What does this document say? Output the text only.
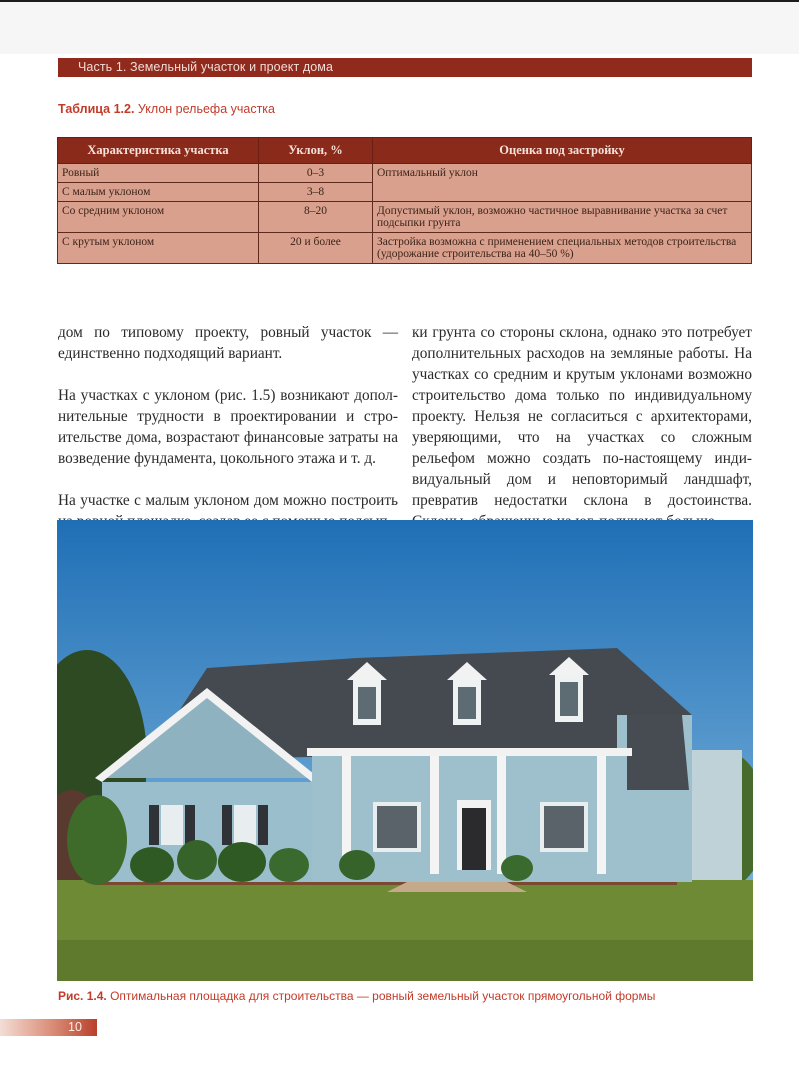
Часть 1. Земельный участок и проект дома
Таблица 1.2. Уклон рельефа участка
Характеристика участка	Уклон, %	Оценка под застройку
Ровный	0–3	Оптимальный уклон
С малым уклоном	3–8	
Со средним уклоном	8–20	Допустимый уклон, возможно частичное выравнивание участка за счет подсыпки грунта
С крутым уклоном	20 и более	Застройка возможна с применением специальных методов строительства (удорожание строительства на 40–50 %)

дом по типовому проекту, ровный участок — единственно подходящий вариант.

На участках с уклоном (рис. 1.5) возникают дополнительные трудности в проектировании и строительстве дома, возрастают финансовые затраты на возведение фундамента, цокольного этажа и т. д.

На участке с малым уклоном дом можно построить

ки грунта со стороны склона, однако это потребует дополнительных расходов на земляные работы. На участках со средним и крутым уклонами возможно строительство дома только по индивидуальному проекту. Нельзя не согласиться с архитекторами, уверяющими, что на участках со сложным рельефом можно создать по-настоящему индивидуальный дом и неповторимый ландшафт, превратив недостатки склона в достоинства.

Рис. 1.4. Оптимальная площадка для строительства — ровный земельный участок прямоугольной формы
10
